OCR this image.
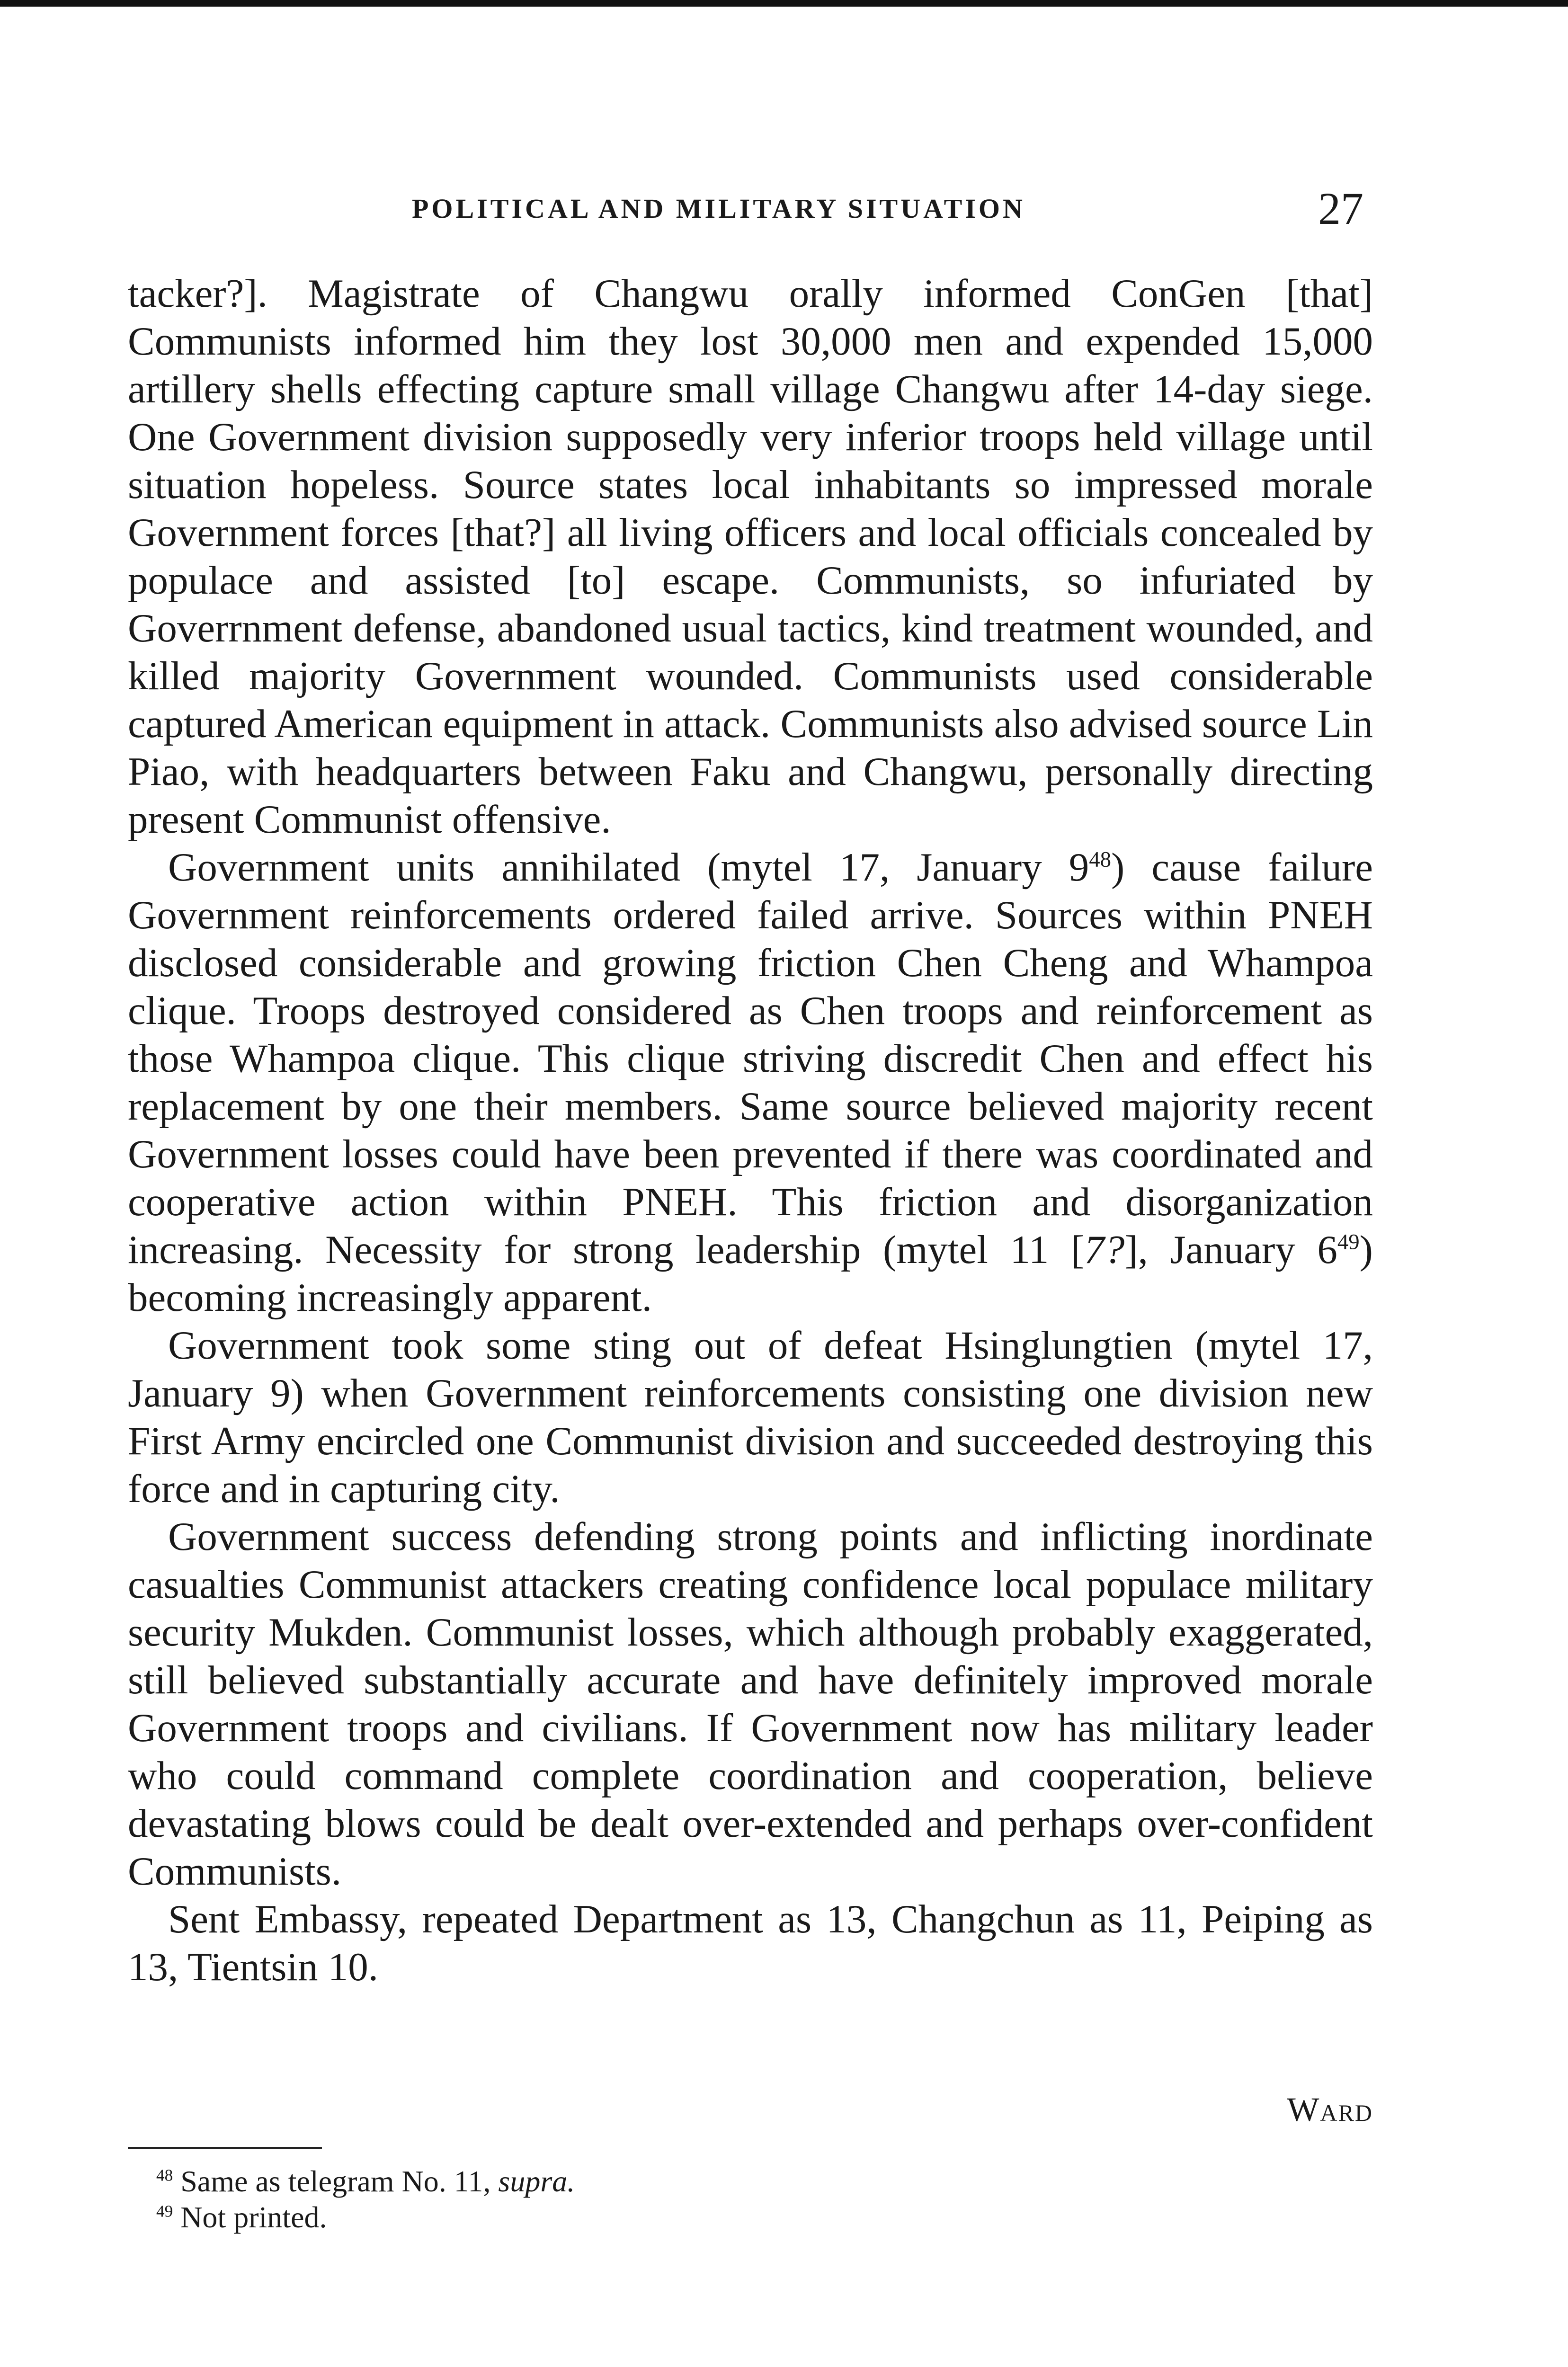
POLITICAL AND MILITARY SITUATION	27

tacker?]. Magistrate of Changwu orally informed ConGen [that] Communists informed him they lost 30,000 men and expended 15,000 artillery shells effecting capture small village Changwu after 14-day siege. One Government division supposedly very inferior troops held village until situation hopeless. Source states local inhabitants so impressed morale Government forces [that?] all living officers and local officials concealed by populace and assisted [to] escape. Communists, so infuriated by Goverrnment defense, abandoned usual tactics, kind treatment wounded, and killed majority Government wounded. Communists used considerable captured American equipment in attack. Communists also advised source Lin Piao, with headquarters between Faku and Changwu, personally directing present Communist offensive.

Government units annihilated (mytel 17, January $9^{48}$) cause failure Government reinforcements ordered failed arrive. Sources within PNEH disclosed considerable and growing friction Chen Cheng and Whampoa clique. Troops destroyed considered as Chen troops and reinforcement as those Whampoa clique. This clique striving discredit Chen and effect his replacement by one their members. Same source believed majority recent Government losses could have been prevented if there was coordinated and cooperative action within PNEH. This friction and disorganization increasing. Necessity for strong leadership (mytel 11 [7?], January $6^{49}$) becoming increasingly apparent.

Government took some sting out of defeat Hsinglungtien (mytel 17, January 9) when Government reinforcements consisting one division new First Army encircled one Communist division and succeeded destroying this force and in capturing city.

Government success defending strong points and inflicting inordinate casualties Communist attackers creating confidence local populace military security Mukden. Communist losses, which although probably exaggerated, still believed substantially accurate and have definitely improved morale Government troops and civilians. If Government now has military leader who could command complete coordination and cooperation, believe devastating blows could be dealt over-extended and perhaps over-confident Communists.

Sent Embassy, repeated Department as 13, Changchun as 11, Peiping as 13, Tientsin 10.

Ward

$^{48}$ Same as telegram No. 11, supra.

$^{49}$ Not printed.
